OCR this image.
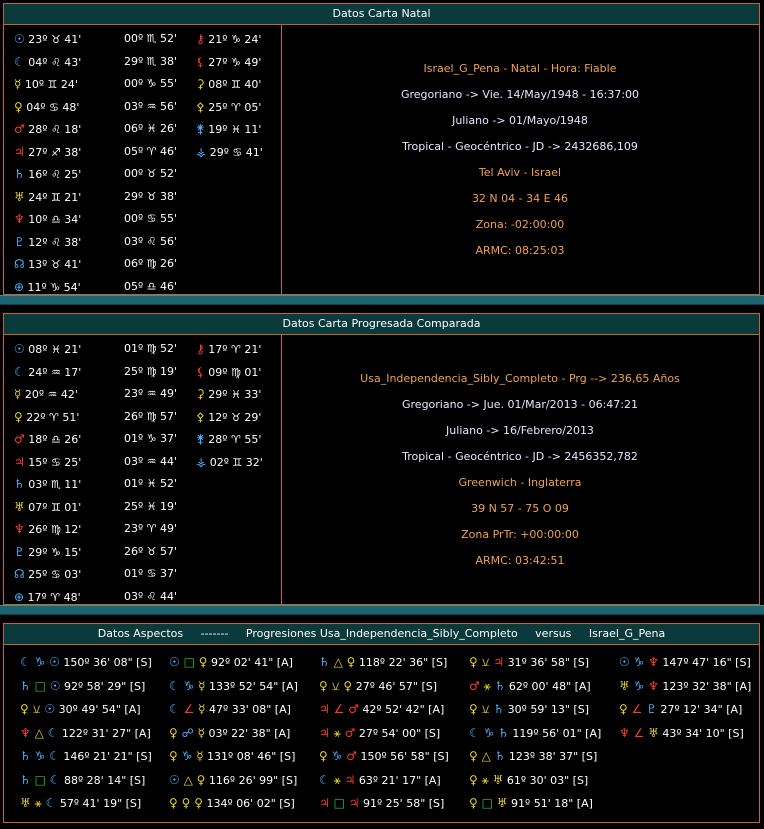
Datos Carta Natal
☉ 23º ♉ 41'	00º ♏ 52' ⚷ 21º ♑ 24'
☾ 04º ♌ 43'	29º ♏ 38' ⚸ 27º ♑ 49'
☿ 10º ♊ 24'	00º ♑ 55' ⚳ 08º ♊ 40'
♀ 04º ♋ 48'	03º ♒ 56' ⚴ 25º ♈ 05'
♂ 28º ♌ 18'	06º ♓ 26' ⚵ 19º ♓ 11'
♃ 27º ♐ 38'	05º ♈ 46' ⚶ 29º ♋ 41'
♄ 16º ♌ 25'	00º ♉ 52'
♅ 24º ♊ 21'	29º ♉ 38'
♆ 10º ♎ 34'	00º ♋ 55'
♇ 12º ♌ 38'	03º ♌ 56'
☊ 13º ♉ 41'	06º ♍ 26'
⊕ 11º ♑ 54'	05º ♎ 46'
Israel_G_Pena - Natal - Hora: Fiable
Gregoriano -> Vie. 14/May/1948 - 16:37:00
Juliano -> 01/Mayo/1948
Tropical - Geocéntrico - JD -> 2432686,109
Tel Aviv - Israel
32 N 04 - 34 E 46
Zona: -02:00:00
ARMC: 08:25:03
Datos Carta Progresada Comparada
☉ 08º ♓ 21'	01º ♍ 52' ⚷ 17º ♈ 21'
☾ 24º ♒ 17'	25º ♍ 19' ⚸ 09º ♍ 01'
☿ 20º ♒ 42'	23º ♒ 49' ⚳ 29º ♓ 33'
♀ 22º ♈ 51'	26º ♍ 57' ⚴ 12º ♉ 29'
♂ 18º ♎ 26'	01º ♑ 37' ⚵ 28º ♈ 55'
♃ 15º ♋ 25'	03º ♒ 44' ⚶ 02º ♊ 32'
♄ 03º ♏ 11'	01º ♓ 52'
♅ 07º ♊ 01'	25º ♓ 19'
♆ 26º ♍ 12'	23º ♈ 49'
♇ 29º ♑ 15'	26º ♉ 57'
☊ 25º ♋ 03'	01º ♋ 37'
⊕ 17º ♈ 48'	03º ♌ 44'
Usa_Independencia_Sibly_Completo - Prg --> 236,65 Años
Gregoriano -> Jue. 01/Mar/2013 - 06:47:21
Juliano -> 16/Febrero/2013
Tropical - Geocéntrico - JD -> 2456352,782
Greenwich - Inglaterra
39 N 57 - 75 O 09
Zona PrTr: +00:00:00
ARMC: 03:42:51
Datos Aspectos ------- Progresiones Usa_Independencia_Sibly_Completo versus Israel_G_Pena
☾ ♑ ☉ 150º 36' 08" [S]
♄ □ ☉ 92º 58' 29" [S]
♀ ⚺ ☉ 30º 49' 54" [A]
♆ △ ☾ 122º 31' 27" [A]
♄ ♑ ☾ 146º 21' 21" [S]
♄ □ ☾ 88º 28' 14" [S]
♅ ⚹ ☾ 57º 41' 19" [S]
☉ □ ♀ 92º 02' 41" [A]
☾ ♑ ☿ 133º 52' 54" [A]
☾ ∠ ☿ 47º 33' 08" [A]
♀ ☍ ☿ 03º 22' 38" [A]
♀ ♑ ☿ 131º 08' 46" [S]
☉ △ ♀ 116º 26' 99" [S]
♀ ♀ ♀ 134º 06' 02" [S]
♄ △ ♀ 118º 22' 36" [S]
♀ ⚺ ♀ 27º 46' 57" [S]
♃ ∠ ♂ 42º 52' 42" [A]
♃ ⚹ ♂ 27º 54' 00" [S]
♀ ♑ ♂ 150º 56' 58" [S]
☾ ⚹ ♃ 63º 21' 17" [A]
♃ □ ♃ 91º 25' 58" [S]
♀ ⚺ ♃ 31º 36' 58" [S]
♂ ⚹ ♄ 62º 00' 48" [A]
♀ ⚺ ♄ 30º 59' 13" [S]
☾ ♑ ♄ 119º 56' 01" [A]
♀ △ ♄ 123º 38' 37" [S]
♀ ⚹ ♅ 61º 30' 03" [S]
♀ □ ♅ 91º 51' 18" [A]
☉ ♑ ♆ 147º 47' 16" [S]
♅ ♑ ♆ 123º 32' 38" [A]
♀ ∠ ♇ 27º 12' 34" [A]
♆ ∠ ♅ 43º 34' 10" [S]
